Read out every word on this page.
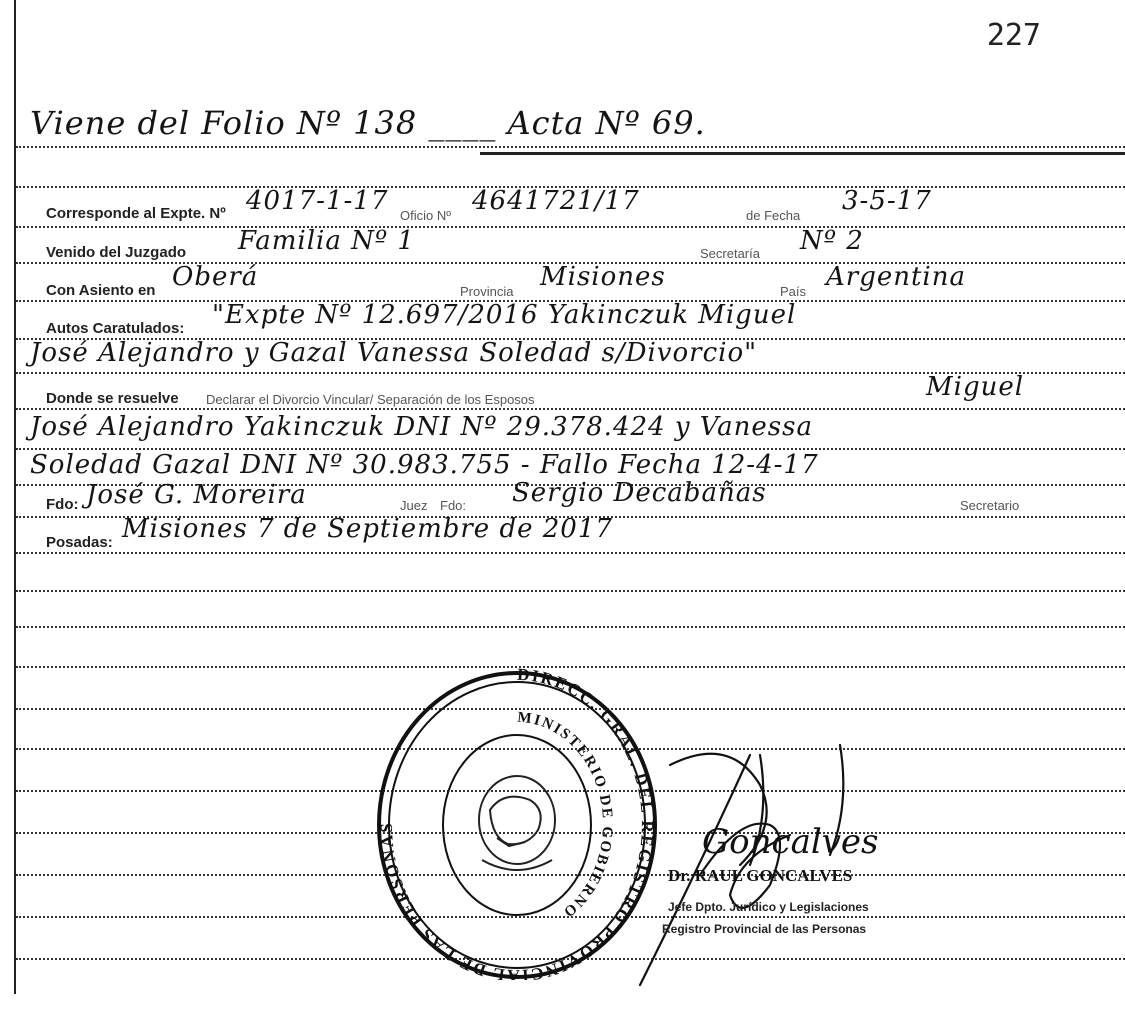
227
Viene del Folio Nº 138 ____ Acta Nº 69.
Corresponde al Expte. Nº 4017-1-17 Oficio Nº 4641721/17	de Fecha 3-5-17
Venido del Juzgado Familia Nº 1	Secretaría Nº 2
Con Asiento en Oberá	Provincia Misiones	País Argentina
Autos Caratulados: "Expte Nº 12.697/2016 Yakinczuk Miguel
José Alejandro y Gazal Vanessa Soledad s/Divorcio"
Donde se resuelve Declarar el Divorcio Vincular/ Separación de los Esposos	Miguel
José Alejandro Yakinczuk DNI Nº 29.378.424 y Vanessa
Soledad Gazal DNI Nº 30.983.755 - Fallo Fecha 12-4-17
Fdo: José G. Moreira	Juez Fdo: Sergio Decabañas	Secretario
Posadas: Misiones 7 de Septiembre de 2017
DIRECC. GRAL. DEL REGISTRO PROVINCIAL DE LAS PERSONAS
MINISTERIO DE GOBIERNO
Goncalves
Dr. RAUL GONCALVES
Jefe Dpto. Jurídico y Legislaciones
Registro Provincial de las Personas
